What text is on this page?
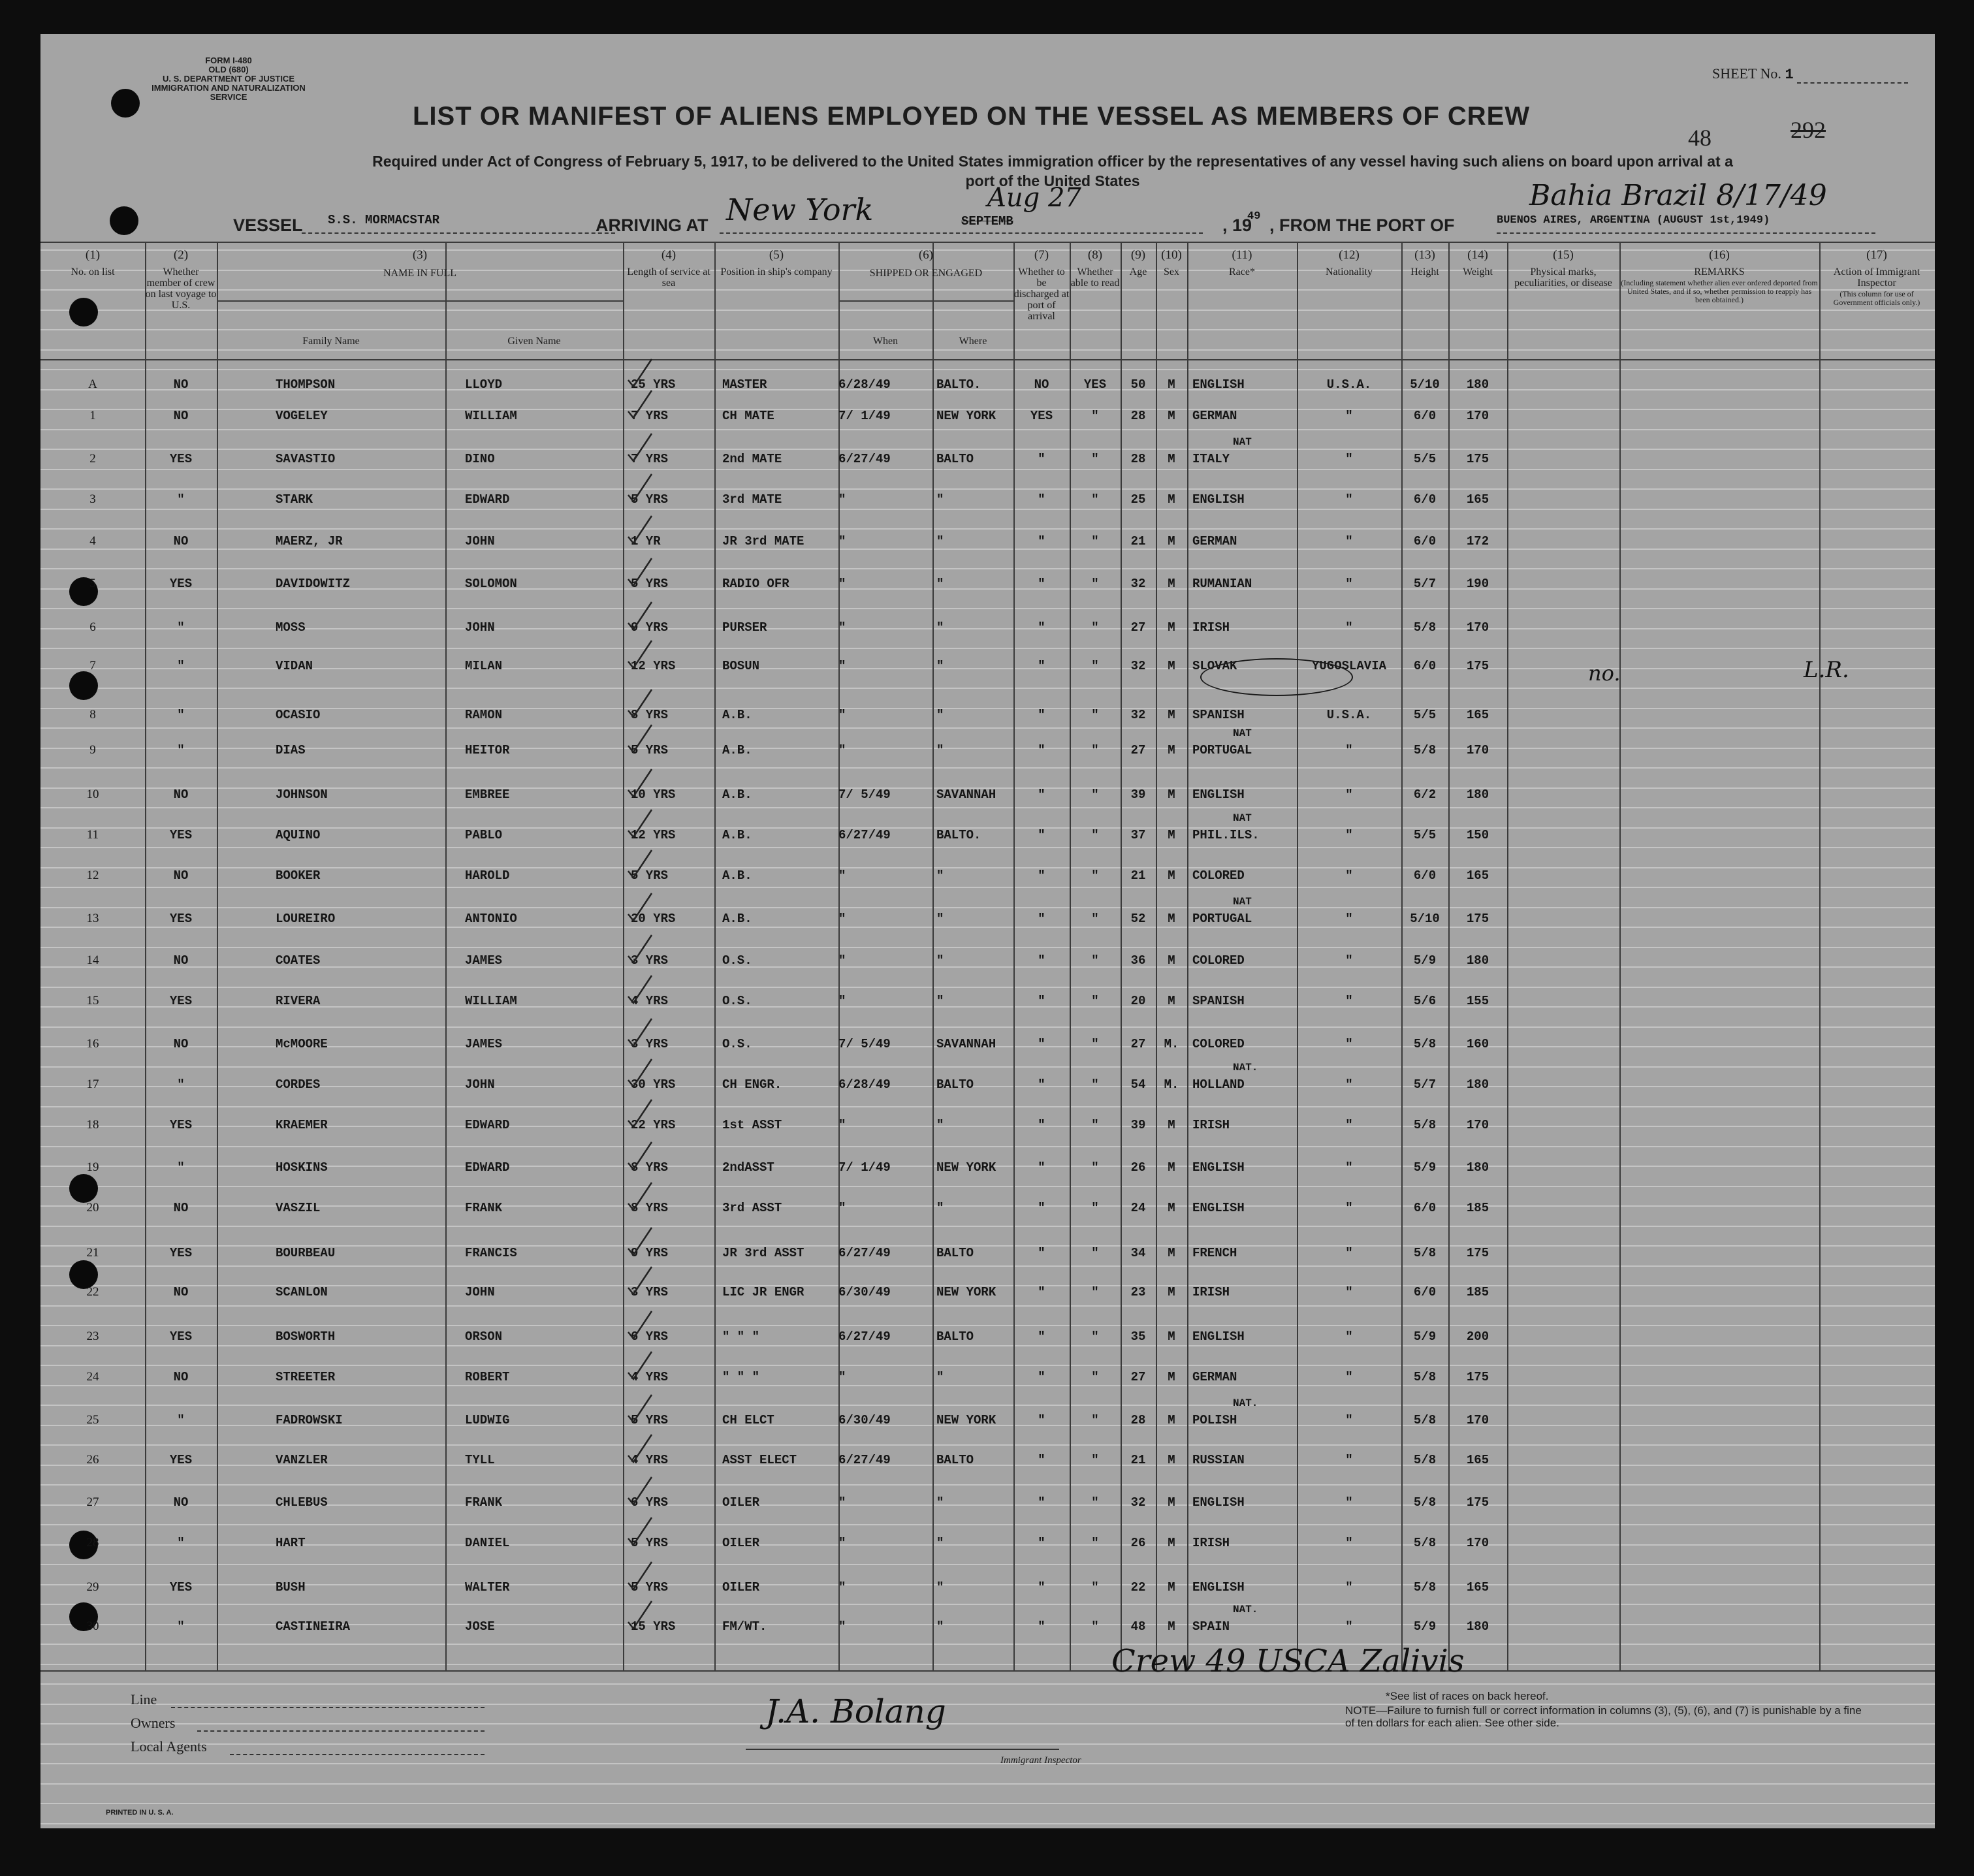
FORM I-480
OLD (680)
U. S. DEPARTMENT OF JUSTICE
IMMIGRATION AND NATURALIZATION SERVICE
SHEET No. 1
LIST OR MANIFEST OF ALIENS EMPLOYED ON THE VESSEL AS MEMBERS OF CREW
48	292
Required under Act of Congress of February 5, 1917, to be delivered to the United States immigration officer by the representatives of any vessel having such aliens on board upon arrival at a
port of the United States
VESSEL S.S. MORMACSTAR	ARRIVING AT New York	Aug 27
SEPTEMB	, 19
49 , FROM THE PORT OF
Bahia Brazil 8/17/49
BUENOS AIRES, ARGENTINA (AUGUST 1st,1949)
(1)
No. on list
(2)
Whether member of crew on last voyage to U.S.
(3)
NAME IN FULL
Family Name	Given Name
(4)
Length of service at sea
(5)
Position in ship's company
(6)
SHIPPED OR ENGAGED
When	Where
(7)
Whether to be discharged at port of arrival
(8)
Whether able to read
(9)
Age
(10)
Sex
(11)
Race*
(12)
Nationality
(13)
Height
(14)
Weight
(15)
Physical marks, peculiarities, or disease
(16)
REMARKS
(Including statement whether alien ever ordered deported from United States, and if so, whether permission to reapply has been obtained.)
(17)
Action of Immigrant Inspector
(This column for use of Government officials only.)
A	NO	THOMPSON	LLOYD	25 YRS	MASTER	6/28/49	BALTO.	NO	YES	50	M	ENGLISH	U.S.A.	5/10	180
1	NO	VOGELEY	WILLIAM	7 YRS	CH MATE	7/ 1/49	NEW YORK	YES	"	28	M	GERMAN	"	6/0	170
2	YES	SAVASTIO	DINO	7 YRS	2nd MATE	6/27/49	BALTO	"	"	28	M	ITALY	"	5/5	175
NAT
3	"	STARK	EDWARD	5 YRS	3rd MATE	"	"	"	"	25	M	ENGLISH	"	6/0	165
4	NO	MAERZ, JR	JOHN	1 YR	JR 3rd MATE	"	"	"	"	21	M	GERMAN	"	6/0	172
5	YES	DAVIDOWITZ	SOLOMON	5 YRS	RADIO OFR	"	"	"	"	32	M	RUMANIAN	"	5/7	190
6	"	MOSS	JOHN	9 YRS	PURSER	"	"	"	"	27	M	IRISH	"	5/8	170
7	"	VIDAN	MILAN	12 YRS	BOSUN	"	"	"	"	32	M	SLOVAK	YUGOSLAVIA	6/0	175
8	"	OCASIO	RAMON	8 YRS	A.B.	"	"	"	"	32	M	SPANISH	U.S.A.	5/5	165
9	"	DIAS	HEITOR	5 YRS	A.B.	"	"	"	"	27	M	PORTUGAL	"	5/8	170
NAT
10	NO	JOHNSON	EMBREE	10 YRS	A.B.	7/ 5/49	SAVANNAH	"	"	39	M	ENGLISH	"	6/2	180
11	YES	AQUINO	PABLO	12 YRS	A.B.	6/27/49	BALTO.	"	"	37	M	PHIL.ILS.	"	5/5	150
NAT
12	NO	BOOKER	HAROLD	5 YRS	A.B.	"	"	"	"	21	M	COLORED	"	6/0	165
13	YES	LOUREIRO	ANTONIO	20 YRS	A.B.	"	"	"	"	52	M	PORTUGAL	"	5/10	175
NAT
14	NO	COATES	JAMES	3 YRS	O.S.	"	"	"	"	36	M	COLORED	"	5/9	180
15	YES	RIVERA	WILLIAM	4 YRS	O.S.	"	"	"	"	20	M	SPANISH	"	5/6	155
16	NO	McMOORE	JAMES	3 YRS	O.S.	7/ 5/49	SAVANNAH	"	"	27	M.	COLORED	"	5/8	160
17	"	CORDES	JOHN	30 YRS	CH ENGR.	6/28/49	BALTO	"	"	54	M.	HOLLAND	"	5/7	180
NAT.
18	YES	KRAEMER	EDWARD	22 YRS	1st ASST	"	"	"	"	39	M	IRISH	"	5/8	170
19	"	HOSKINS	EDWARD	8 YRS	2ndASST	7/ 1/49	NEW YORK	"	"	26	M	ENGLISH	"	5/9	180
20	NO	VASZIL	FRANK	8 YRS	3rd ASST	"	"	"	"	24	M	ENGLISH	"	6/0	185
21	YES	BOURBEAU	FRANCIS	9 YRS	JR 3rd ASST	6/27/49	BALTO	"	"	34	M	FRENCH	"	5/8	175
22	NO	SCANLON	JOHN	3 YRS	LIC JR ENGR	6/30/49	NEW YORK	"	"	23	M	IRISH	"	6/0	185
23	YES	BOSWORTH	ORSON	6 YRS	" " "	6/27/49	BALTO	"	"	35	M	ENGLISH	"	5/9	200
24	NO	STREETER	ROBERT	4 YRS	" " "	"	"	"	"	27	M	GERMAN	"	5/8	175
25	"	FADROWSKI	LUDWIG	5 YRS	CH ELCT	6/30/49	NEW YORK	"	"	28	M	POLISH	"	5/8	170
NAT.
26	YES	VANZLER	TYLL	4 YRS	ASST ELECT	6/27/49	BALTO	"	"	21	M	RUSSIAN	"	5/8	165
27	NO	CHLEBUS	FRANK	6 YRS	OILER	"	"	"	"	32	M	ENGLISH	"	5/8	175
28	"	HART	DANIEL	5 YRS	OILER	"	"	"	"	26	M	IRISH	"	5/8	170
29	YES	BUSH	WALTER	5 YRS	OILER	"	"	"	"	22	M	ENGLISH	"	5/8	165
30	"	CASTINEIRA	JOSE	15 YRS	FM/WT.	"	"	"	"	48	M	SPAIN	"	5/9	180
NAT.
no.	L.R.
Crew 49 USCA Zalivis
Line
Owners
Local Agents
J.A. Bolang
Immigrant Inspector
*See list of races on back hereof.
NOTE—Failure to furnish full or correct information in columns (3), (5), (6), and (7) is punishable by a fine of ten dollars for each alien. See other side.
PRINTED IN U. S. A.
